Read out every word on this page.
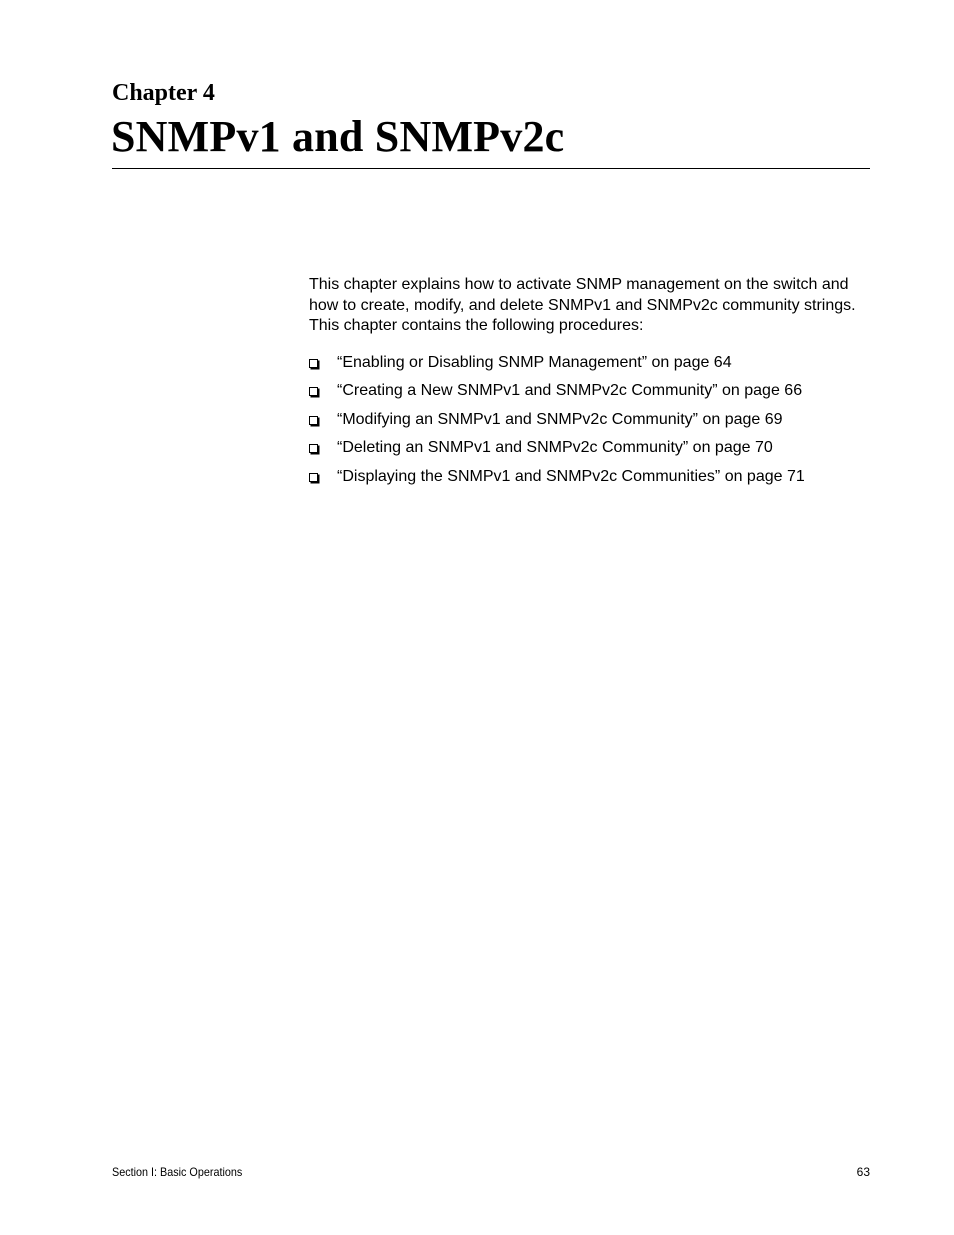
Chapter 4
SNMPv1 and SNMPv2c

This chapter explains how to activate SNMP management on the switch and how to create, modify, and delete SNMPv1 and SNMPv2c community strings. This chapter contains the following procedures:

“Enabling or Disabling SNMP Management” on page 64
“Creating a New SNMPv1 and SNMPv2c Community” on page 66
“Modifying an SNMPv1 and SNMPv2c Community” on page 69
“Deleting an SNMPv1 and SNMPv2c Community” on page 70
“Displaying the SNMPv1 and SNMPv2c Communities” on page 71
Section I: Basic Operations	63
